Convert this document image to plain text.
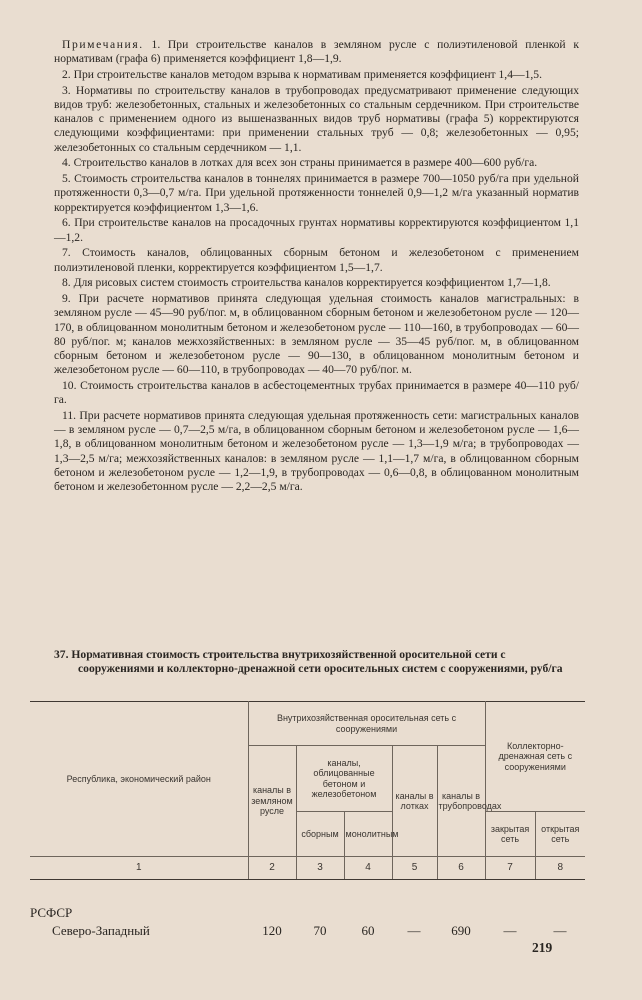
Примечания. 1. При строительстве каналов в земляном русле с полиэтиленовой пленкой к нормативам (графа 6) применяется коэффициент 1,8—1,9.

2. При строительстве каналов методом взрыва к нормативам применяется коэффициент 1,4—1,5.

3. Нормативы по строительству каналов в трубопроводах предусматривают применение следующих видов труб: железобетонных, стальных и железобетонных со стальным сердечником. При строительстве каналов с применением одного из вышеназванных видов труб нормативы (графа 5) корректируются следующими коэффициентами: при применении стальных труб — 0,8; железобетонных — 0,95; железобетонных со стальным сердечником — 1,1.

4. Строительство каналов в лотках для всех зон страны принимается в размере 400—600 руб/га.

5. Стоимость строительства каналов в тоннелях принимается в размере 700—1050 руб/га при удельной протяженности 0,3—0,7 м/га. При удельной протяженности тоннелей 0,9—1,2 м/га указанный норматив корректируется коэффициентом 1,3—1,6.

6. При строительстве каналов на просадочных грунтах нормативы корректируются коэффициентом 1,1—1,2.

7. Стоимость каналов, облицованных сборным бетоном и железобетоном с применением полиэтиленовой пленки, корректируется коэффициентом 1,5—1,7.

8. Для рисовых систем стоимость строительства каналов корректируется коэффициентом 1,7—1,8.

9. При расчете нормативов принята следующая удельная стоимость каналов магистральных: в земляном русле — 45—90 руб/пог. м, в облицованном сборным бетоном и железобетоном русле — 120—170, в облицованном монолитным бетоном и железобетоном русле — 110—160, в трубопроводах — 60—80 руб/пог. м; каналов межхозяйственных: в земляном русле — 35—45 руб/пог. м, в облицованном сборным бетоном и железобетоном русле — 90—130, в облицованном монолитным бетоном и железобетоном русле — 60—110, в трубопроводах — 40—70 руб/пог. м.

10. Стоимость строительства каналов в асбестоцементных трубах принимается в размере 40—110 руб/га.

11. При расчете нормативов принята следующая удельная протяженность сети: магистральных каналов — в земляном русле — 0,7—2,5 м/га, в облицованном сборным бетоном и железобетоном русле — 1,6—1,8, в облицованном монолитным бетоном и железобетоном русле — 1,3—1,9 м/га; в трубопроводах — 1,3—2,5 м/га; межхозяйственных каналов: в земляном русле — 1,1—1,7 м/га, в облицованном сборным бетоном и железобетоном русле — 1,2—1,9, в трубопроводах — 0,6—0,8, в облицованном монолитным бетоном и железобетонном русле — 2,2—2,5 м/га.

37. Нормативная стоимость строительства внутрихозяйственной оросительной сети с сооружениями и коллекторно-дренажной сети оросительных систем с сооружениями, руб/га
Республика, экономический район	Внутрихозяйственная оросительная сеть с сооружениями					Коллекторно-дренажная сеть с сооружениями	
	каналы в земляном русле	каналы, облицованные бетоном и железобетоном		каналы в лотках	каналы в трубопроводах		
		сборным	монолитным			закрытая сеть	открытая сеть
1	2	3	4	5	6	7	8
РСФСР
Северо-Западный	120	70	60	—	690	—	—
219
